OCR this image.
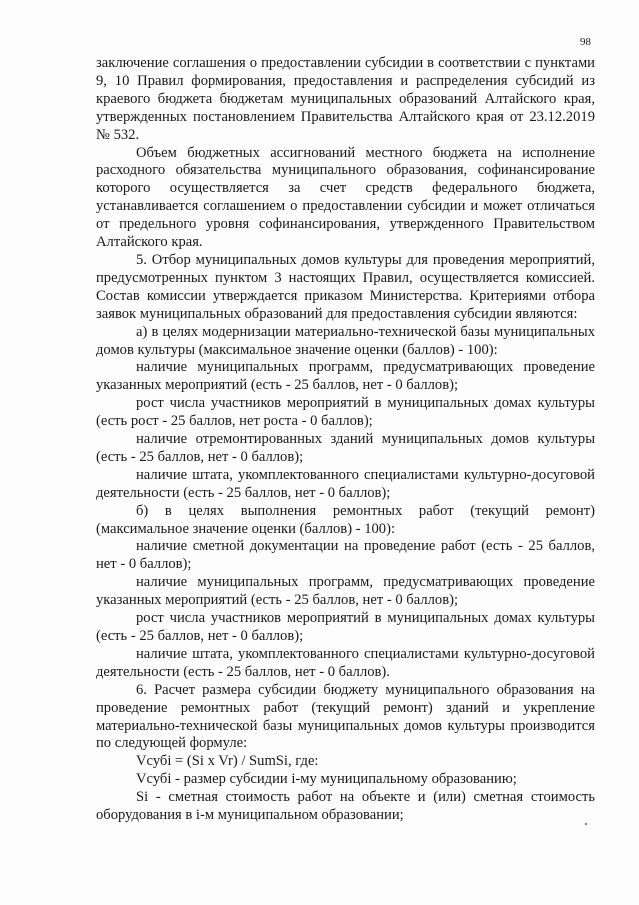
98

заключение соглашения о предоставлении субсидии в соответствии с пунктами 9, 10 Правил формирования, предоставления и распределения субсидий из краевого бюджета бюджетам муниципальных образований Алтайского края, утвержденных постановлением Правительства Алтайского края от 23.12.2019 № 532.

Объем бюджетных ассигнований местного бюджета на исполнение расходного обязательства муниципального образования, софинансирование которого осуществляется за счет средств федерального бюджета, устанавливается соглашением о предоставлении субсидии и может отличаться от предельного уровня софинансирования, утвержденного Правительством Алтайского края.

5. Отбор муниципальных домов культуры для проведения мероприятий, предусмотренных пунктом 3 настоящих Правил, осуществляется комиссией. Состав комиссии утверждается приказом Министерства. Критериями отбора заявок муниципальных образований для предоставления субсидии являются:

а) в целях модернизации материально-технической базы муниципальных домов культуры (максимальное значение оценки (баллов) - 100):

наличие муниципальных программ, предусматривающих проведение указанных мероприятий (есть - 25 баллов, нет - 0 баллов);

рост числа участников мероприятий в муниципальных домах культуры (есть рост - 25 баллов, нет роста - 0 баллов);

наличие отремонтированных зданий муниципальных домов культуры (есть - 25 баллов, нет - 0 баллов);

наличие штата, укомплектованного специалистами культурно-досуговой деятельности (есть - 25 баллов, нет - 0 баллов);

б) в целях выполнения ремонтных работ (текущий ремонт) (максимальное значение оценки (баллов) - 100):

наличие сметной документации на проведение работ (есть - 25 баллов, нет - 0 баллов);

наличие муниципальных программ, предусматривающих проведение указанных мероприятий (есть - 25 баллов, нет - 0 баллов);

рост числа участников мероприятий в муниципальных домах культуры (есть - 25 баллов, нет - 0 баллов);

наличие штата, укомплектованного специалистами культурно-досуговой деятельности (есть - 25 баллов, нет - 0 баллов).

6. Расчет размера субсидии бюджету муниципального образования на проведение ремонтных работ (текущий ремонт) зданий и укрепление материально-технической базы муниципальных домов культуры производится по следующей формуле:

Vсубi = (Si x Vr) / SumSi, где:

Vсубi - размер субсидии i-му муниципальному образованию;

Si - сметная стоимость работ на объекте и (или) сметная стоимость оборудования в i-м муниципальном образовании;
